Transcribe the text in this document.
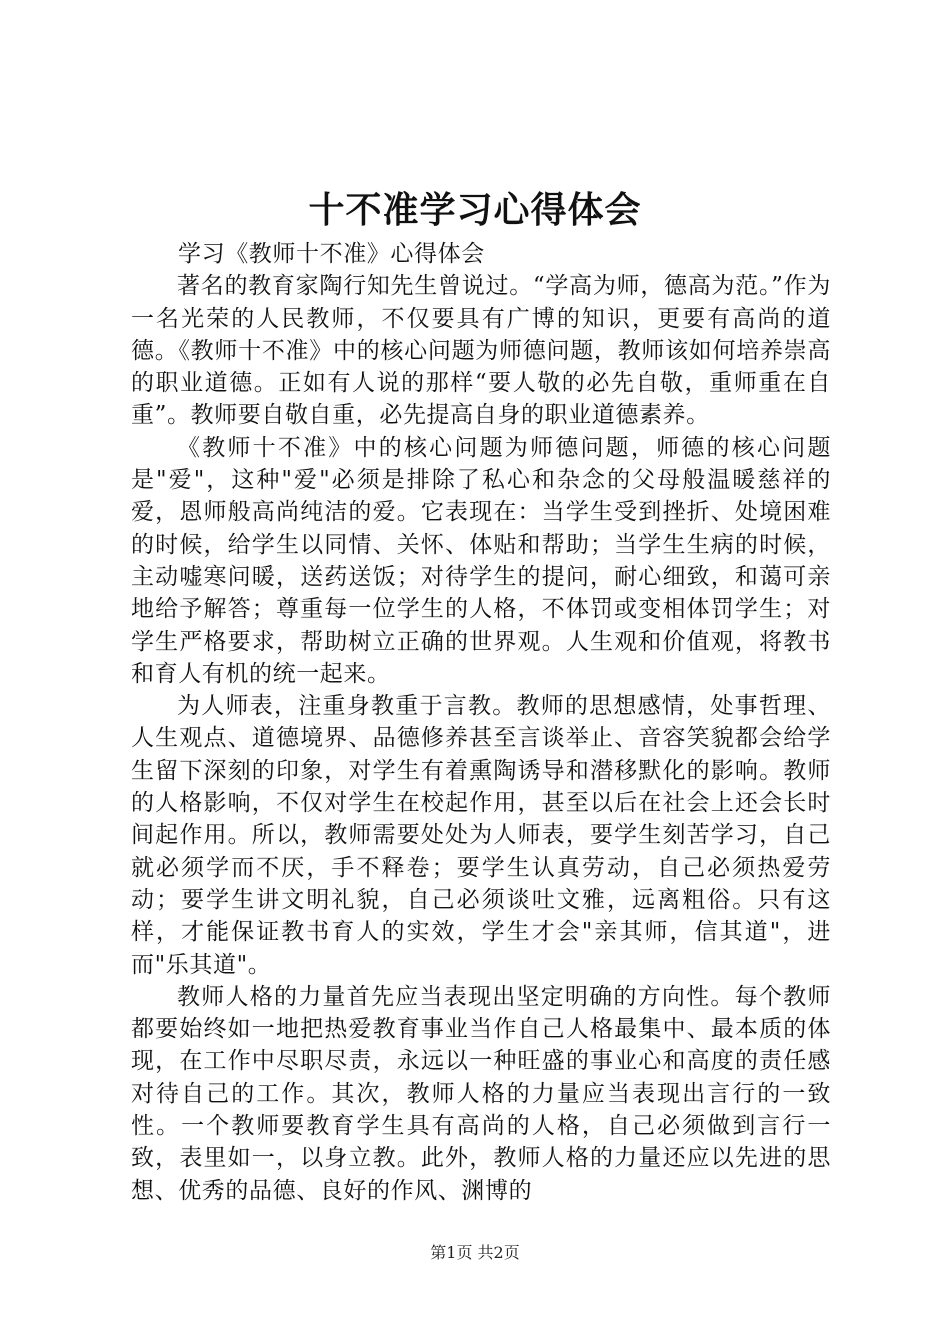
十不准学习心得体会

学习《教师十不准》心得体会

著名的教育家陶行知先生曾说过。“学高为师，德高为范。”作为一名光荣的人民教师，不仅要具有广博的知识，更要有高尚的道德。《教师十不准》中的核心问题为师德问题，教师该如何培养崇高的职业道德。正如有人说的那样“要人敬的必先自敬，重师重在自重”。教师要自敬自重，必先提高自身的职业道德素养。

《教师十不准》中的核心问题为师德问题，师德的核心问题是"爱"，这种"爱"必须是排除了私心和杂念的父母般温暖慈祥的爱，恩师般高尚纯洁的爱。它表现在：当学生受到挫折、处境困难的时候，给学生以同情、关怀、体贴和帮助；当学生生病的时候，主动嘘寒问暖，送药送饭；对待学生的提问，耐心细致，和蔼可亲地给予解答；尊重每一位学生的人格，不体罚或变相体罚学生；对学生严格要求，帮助树立正确的世界观。人生观和价值观，将教书和育人有机的统一起来。

为人师表，注重身教重于言教。教师的思想感情，处事哲理、人生观点、道德境界、品德修养甚至言谈举止、音容笑貌都会给学生留下深刻的印象，对学生有着熏陶诱导和潜移默化的影响。教师的人格影响，不仅对学生在校起作用，甚至以后在社会上还会长时间起作用。所以，教师需要处处为人师表，要学生刻苦学习，自己就必须学而不厌，手不释卷；要学生认真劳动，自己必须热爱劳动；要学生讲文明礼貌，自己必须谈吐文雅，远离粗俗。只有这样，才能保证教书育人的实效，学生才会"亲其师，信其道"，进而"乐其道"。

教师人格的力量首先应当表现出坚定明确的方向性。每个教师都要始终如一地把热爱教育事业当作自己人格最集中、最本质的体现，在工作中尽职尽责，永远以一种旺盛的事业心和高度的责任感对待自己的工作。其次，教师人格的力量应当表现出言行的一致性。一个教师要教育学生具有高尚的人格，自己必须做到言行一致，表里如一，以身立教。此外，教师人格的力量还应以先进的思想、优秀的品德、良好的作风、渊博的

第1页 共2页
